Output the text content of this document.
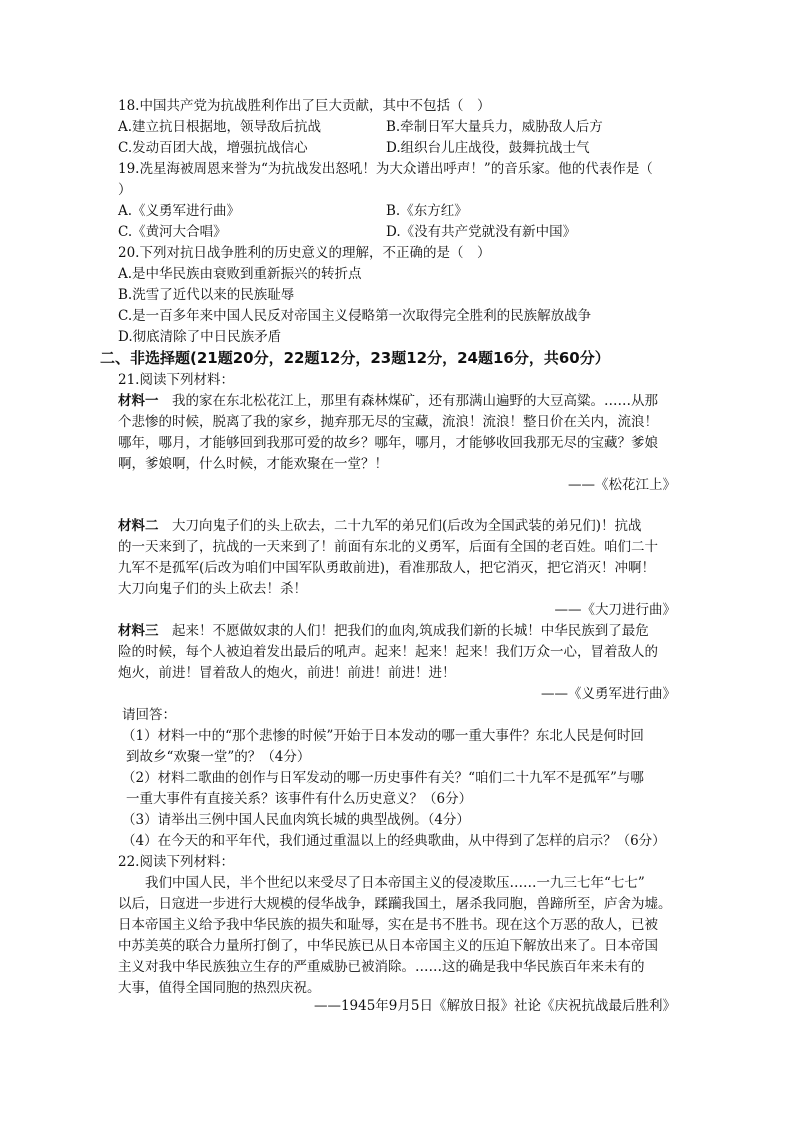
18.中国共产党为抗战胜利作出了巨大贡献，其中不包括（　）
A.建立抗日根据地，领导敌后抗战	B.牵制日军大量兵力，威胁敌人后方
C.发动百团大战，增强抗战信心	D.组织台儿庄战役，鼓舞抗战士气
19.冼星海被周恩来誉为“为抗战发出怒吼！为大众谱出呼声！”的音乐家。他的代表作是（
）
A.《义勇军进行曲》	B.《东方红》
C.《黄河大合唱》	D.《没有共产党就没有新中国》
20.下列对抗日战争胜利的历史意义的理解，不正确的是（　）
A.是中华民族由衰败到重新振兴的转折点
B.洗雪了近代以来的民族耻辱
C.是一百多年来中国人民反对帝国主义侵略第一次取得完全胜利的民族解放战争
D.彻底清除了中日民族矛盾
二、非选择题(21题20分，22题12分，23题12分，24题16分，共60分）
21.阅读下列材料：
材料一　我的家在东北松花江上，那里有森林煤矿，还有那满山遍野的大豆高粱。……从那
个悲惨的时候，脱离了我的家乡，抛弃那无尽的宝藏，流浪！流浪！整日价在关内，流浪！
哪年，哪月，才能够回到我那可爱的故乡？哪年，哪月，才能够收回我那无尽的宝藏？爹娘
啊，爹娘啊，什么时候，才能欢聚在一堂？！
——《松花江上》
材料二　大刀向鬼子们的头上砍去，二十九军的弟兄们(后改为全国武装的弟兄们)！抗战
的一天来到了，抗战的一天来到了！前面有东北的义勇军，后面有全国的老百姓。咱们二十
九军不是孤军(后改为咱们中国军队勇敢前进)，看准那敌人，把它消灭，把它消灭！冲啊！
大刀向鬼子们的头上砍去！杀！
——《大刀进行曲》
材料三　起来！不愿做奴隶的人们！把我们的血肉,筑成我们新的长城！中华民族到了最危
险的时候，每个人被迫着发出最后的吼声。起来！起来！起来！我们万众一心，冒着敌人的
炮火，前进！冒着敌人的炮火，前进！前进！前进！进！
——《义勇军进行曲》
请回答：
（1）材料一中的“那个悲惨的时候”开始于日本发动的哪一重大事件？东北人民是何时回
到故乡“欢聚一堂”的？（4分）
（2）材料二歌曲的创作与日军发动的哪一历史事件有关？“咱们二十九军不是孤军”与哪
一重大事件有直接关系？该事件有什么历史意义？（6分）
（3）请举出三例中国人民血肉筑长城的典型战例。（4分）
（4）在今天的和平年代，我们通过重温以上的经典歌曲，从中得到了怎样的启示？（6分）
22.阅读下列材料：
　　我们中国人民，半个世纪以来受尽了日本帝国主义的侵凌欺压……一九三七年“七七”
以后，日寇进一步进行大规模的侵华战争，蹂躏我国土，屠杀我同胞，兽蹄所至，庐舍为墟。
日本帝国主义给予我中华民族的损失和耻辱，实在是书不胜书。现在这个万恶的敌人，已被
中苏美英的联合力量所打倒了，中华民族已从日本帝国主义的压迫下解放出来了。日本帝国
主义对我中华民族独立生存的严重威胁已被消除。……这的确是我中华民族百年来未有的
大事，值得全国同胞的热烈庆祝。
——1945年9月5日《解放日报》社论《庆祝抗战最后胜利》
